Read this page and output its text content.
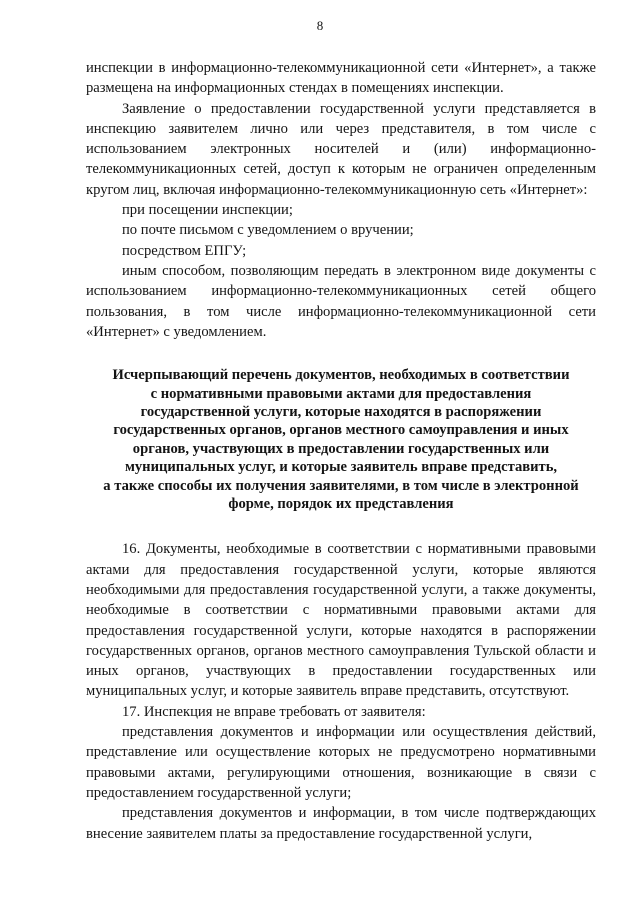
8

инспекции в информационно-телекоммуникационной сети «Интернет», а также размещена на информационных стендах в помещениях инспекции.

Заявление о предоставлении государственной услуги представляется в инспекцию заявителем лично или через представителя, в том числе с использованием электронных носителей и (или) информационно-телекоммуникационных сетей, доступ к которым не ограничен определенным кругом лиц, включая информационно-телекоммуникационную сеть «Интернет»:

при посещении инспекции;

по почте письмом с уведомлением о вручении;

посредством ЕПГУ;

иным способом, позволяющим передать в электронном виде документы с использованием информационно-телекоммуникационных сетей общего пользования, в том числе информационно-телекоммуникационной сети «Интернет» с уведомлением.

Исчерпывающий перечень документов, необходимых в соответствии
с нормативными правовыми актами для предоставления
государственной услуги, которые находятся в распоряжении
государственных органов, органов местного самоуправления и иных
органов, участвующих в предоставлении государственных или
муниципальных услуг, и которые заявитель вправе представить,
а также способы их получения заявителями, в том числе в электронной
форме, порядок их представления

16. Документы, необходимые в соответствии с нормативными правовыми актами для предоставления государственной услуги, которые являются необходимыми для предоставления государственной услуги, а также документы, необходимые в соответствии с нормативными правовыми актами для предоставления государственной услуги, которые находятся в распоряжении государственных органов, органов местного самоуправления Тульской области и иных органов, участвующих в предоставлении государственных или муниципальных услуг, и которые заявитель вправе представить, отсутствуют.

17. Инспекция не вправе требовать от заявителя:

представления документов и информации или осуществления действий, представление или осуществление которых не предусмотрено нормативными правовыми актами, регулирующими отношения, возникающие в связи с предоставлением государственной услуги;

представления документов и информации, в том числе подтверждающих внесение заявителем платы за предоставление государственной услуги,
